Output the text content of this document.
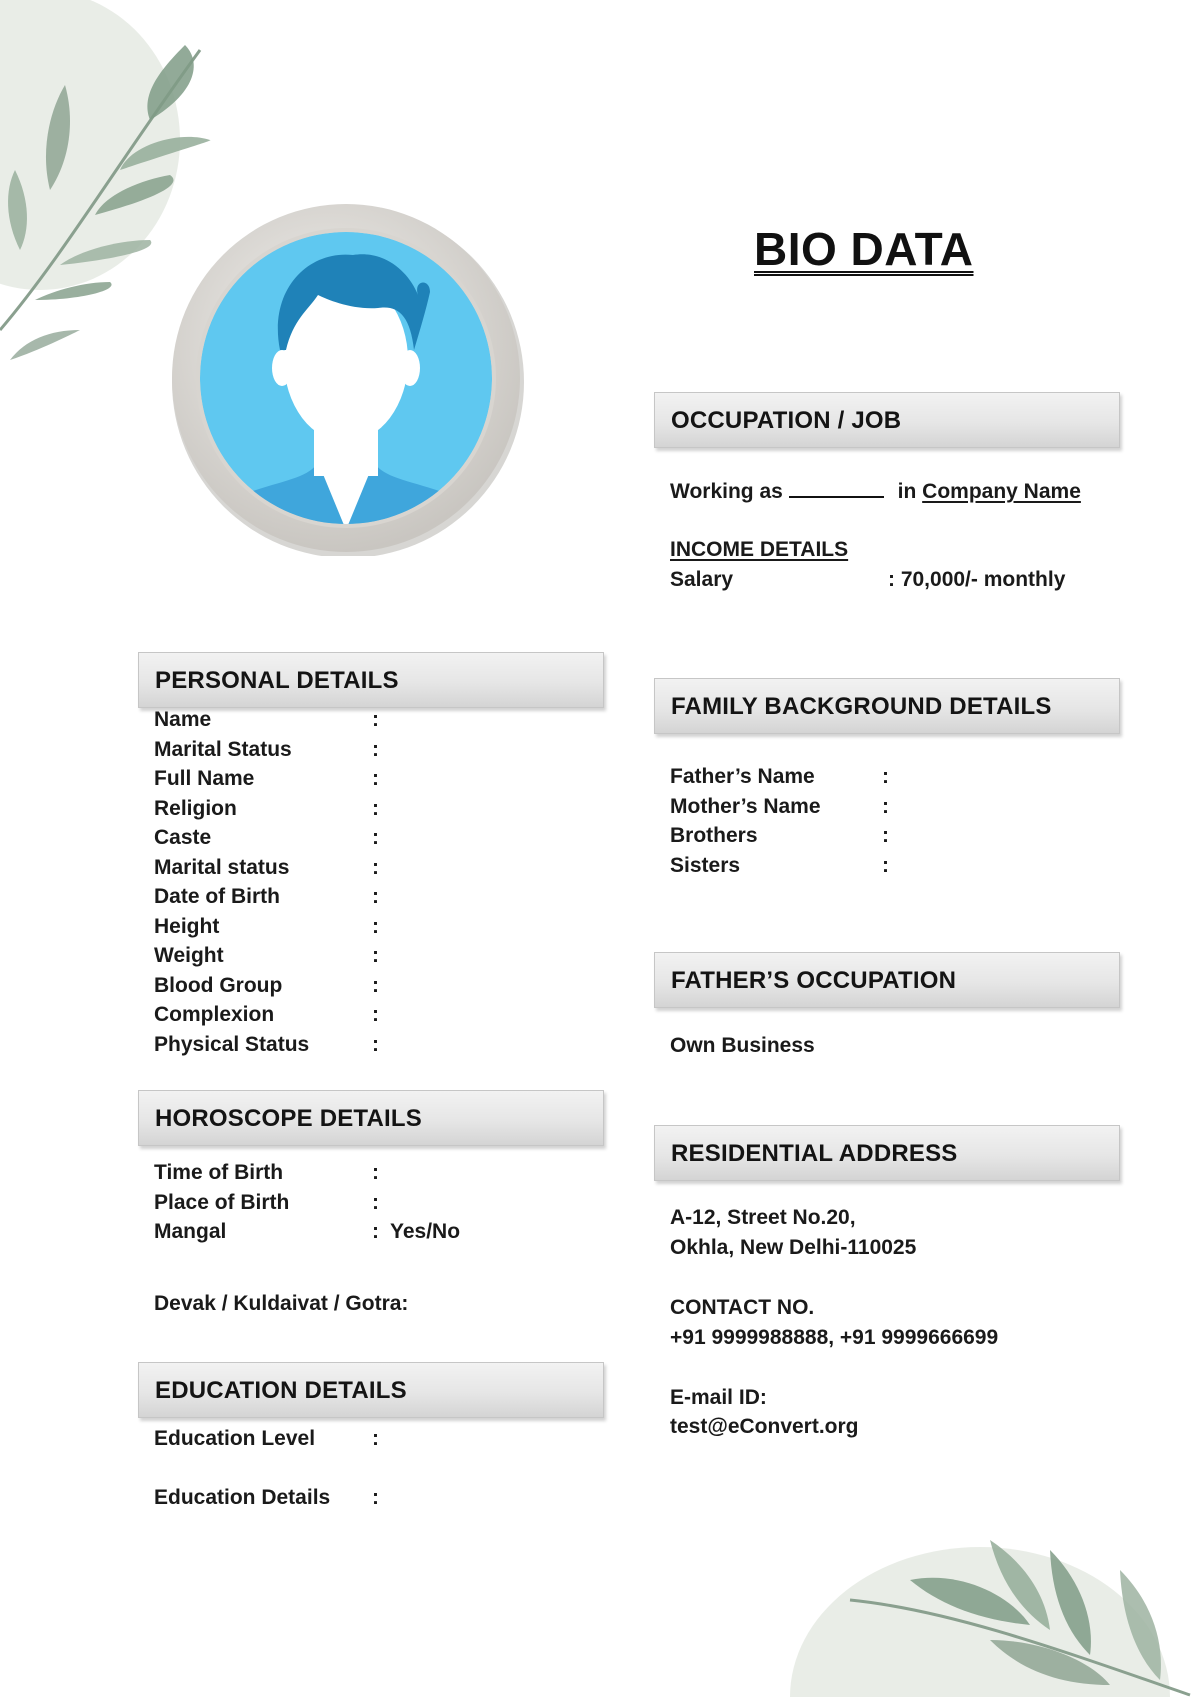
BIO DATA
OCCUPATION / JOB
Working as	in Company Name
INCOME DETAILS
Salary	: 70,000/- monthly
PERSONAL DETAILS
Name	:
Marital Status	:
Full Name	:
Religion	:
Caste	:
Marital status	:
Date of Birth	:
Height	:
Weight	:
Blood Group	:
Complexion	:
Physical Status	:
FAMILY BACKGROUND DETAILS
Father’s Name	:
Mother’s Name	:
Brothers	:
Sisters	:
FATHER’S OCCUPATION
Own Business
HOROSCOPE DETAILS
Time of Birth	:
Place of Birth	:
Mangal	: Yes/No
Devak / Kuldaivat / Gotra:
RESIDENTIAL ADDRESS
A-12, Street No.20,
Okhla, New Delhi-110025
CONTACT NO.
+91 9999988888, +91 9999666699
E-mail ID:
test@eConvert.org
EDUCATION DETAILS
Education Level	:
Education Details :
